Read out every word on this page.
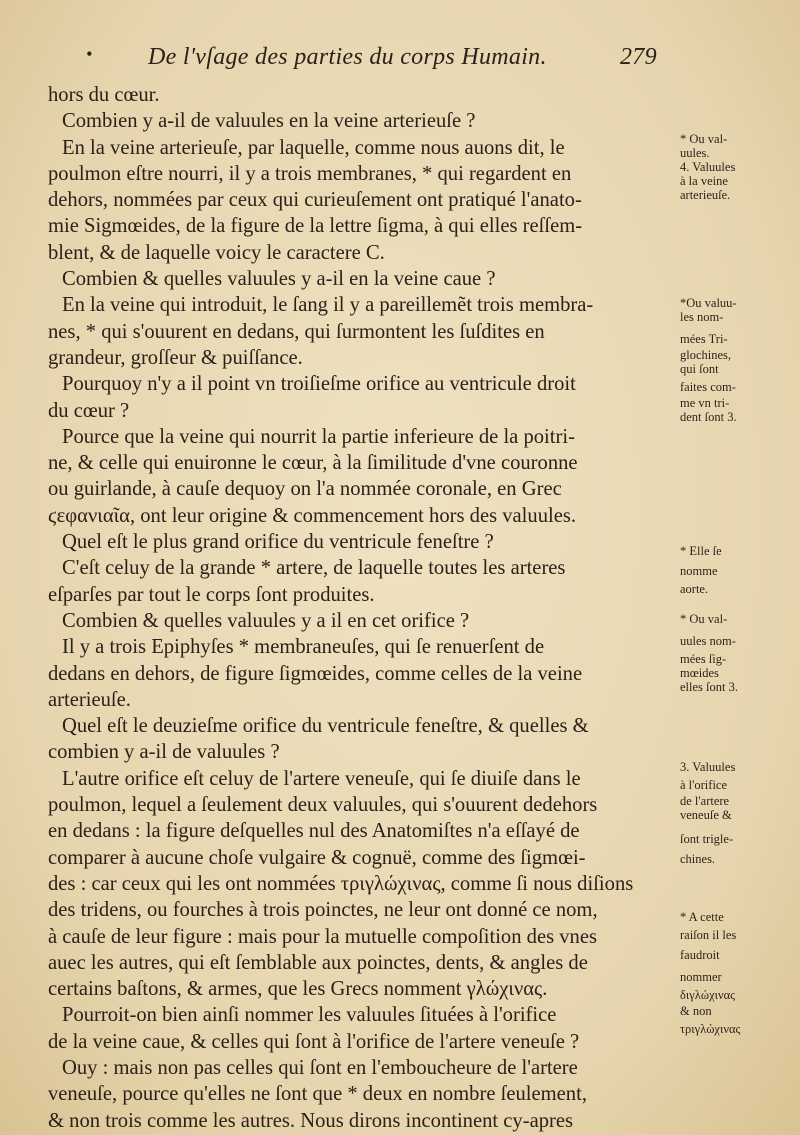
• De l'vſage des parties du corps Humain.	279
hors du cœur.
Combien y a-il de valuules en la veine arterieuſe ?
En la veine arterieuſe, par laquelle, comme nous auons dit, le
poulmon eſtre nourri, il y a trois membranes, * qui regardent en
dehors, nommées par ceux qui curieuſement ont pratiqué l'anato-
mie Sigmœides, de la figure de la lettre ſigma, à qui elles reſſem-
blent, & de laquelle voicy le caractere Ϲ.
Combien & quelles valuules y a-il en la veine caue ?
En la veine qui introduit, le ſang il y a pareillemẽt trois membra-
nes, * qui s'ouurent en dedans, qui ſurmontent les ſuſdites en
grandeur, groſſeur & puiſſance.
Pourquoy n'y a il point vn troiſieſme orifice au ventricule droit
du cœur ?
Pource que la veine qui nourrit la partie inferieure de la poitri-
ne, & celle qui enuironne le cœur, à la ſimilitude d'vne couronne
ou guirlande, à cauſe dequoy on l'a nommée coronale, en Grec
ϛεφανιαῖα, ont leur origine & commencement hors des valuules.
Quel eſt le plus grand orifice du ventricule feneſtre ?
C'eſt celuy de la grande * artere, de laquelle toutes les arteres
eſparſes par tout le corps ſont produites.
Combien & quelles valuules y a il en cet orifice ?
Il y a trois Epiphyſes * membraneuſes, qui ſe renuerſent de
dedans en dehors, de figure ſigmœides, comme celles de la veine
arterieuſe.
Quel eſt le deuzieſme orifice du ventricule feneſtre, & quelles &
combien y a-il de valuules ?
L'autre orifice eſt celuy de l'artere veneuſe, qui ſe diuiſe dans le
poulmon, lequel a ſeulement deux valuules, qui s'ouurent dedehors
en dedans : la figure deſquelles nul des Anatomiſtes n'a eſſayé de
comparer à aucune choſe vulgaire & cognuë, comme des ſigmœi-
des : car ceux qui les ont nommées τριγλώχινας, comme ſi nous diſions
des tridens, ou fourches à trois poinctes, ne leur ont donné ce nom,
à cauſe de leur figure : mais pour la mutuelle compoſition des vnes
auec les autres, qui eſt ſemblable aux poinctes, dents, & angles de
certains baſtons, & armes, que les Grecs nomment γλώχινας.
Pourroit-on bien ainſi nommer les valuules ſituées à l'orifice
de la veine caue, & celles qui ſont à l'orifice de l'artere veneuſe ?
Ouy : mais non pas celles qui ſont en l'emboucheure de l'artere
veneuſe, pource qu'elles ne ſont que * deux en nombre ſeulement,
& non trois comme les autres. Nous dirons incontinent cy-apres
* Ou val-
uules.
4. Valuules
à la veine
arterieuſe.
*Ou valuu-
les nom-
mées Tri-
glochines,
qui ſont
faites com-
me vn tri-
dent ſont 3.
* Elle ſe
nomme
aorte.
* Ou val-
uules nom-
mées ſig-
mœides
elles ſont 3.
3. Valuules
à l'orifice
de l'artere
veneuſe &
ſont trigle-
chines.
* A cette
raiſon il les
faudroit
nommer
διγλώχινας
& non
τριγλώχινας
